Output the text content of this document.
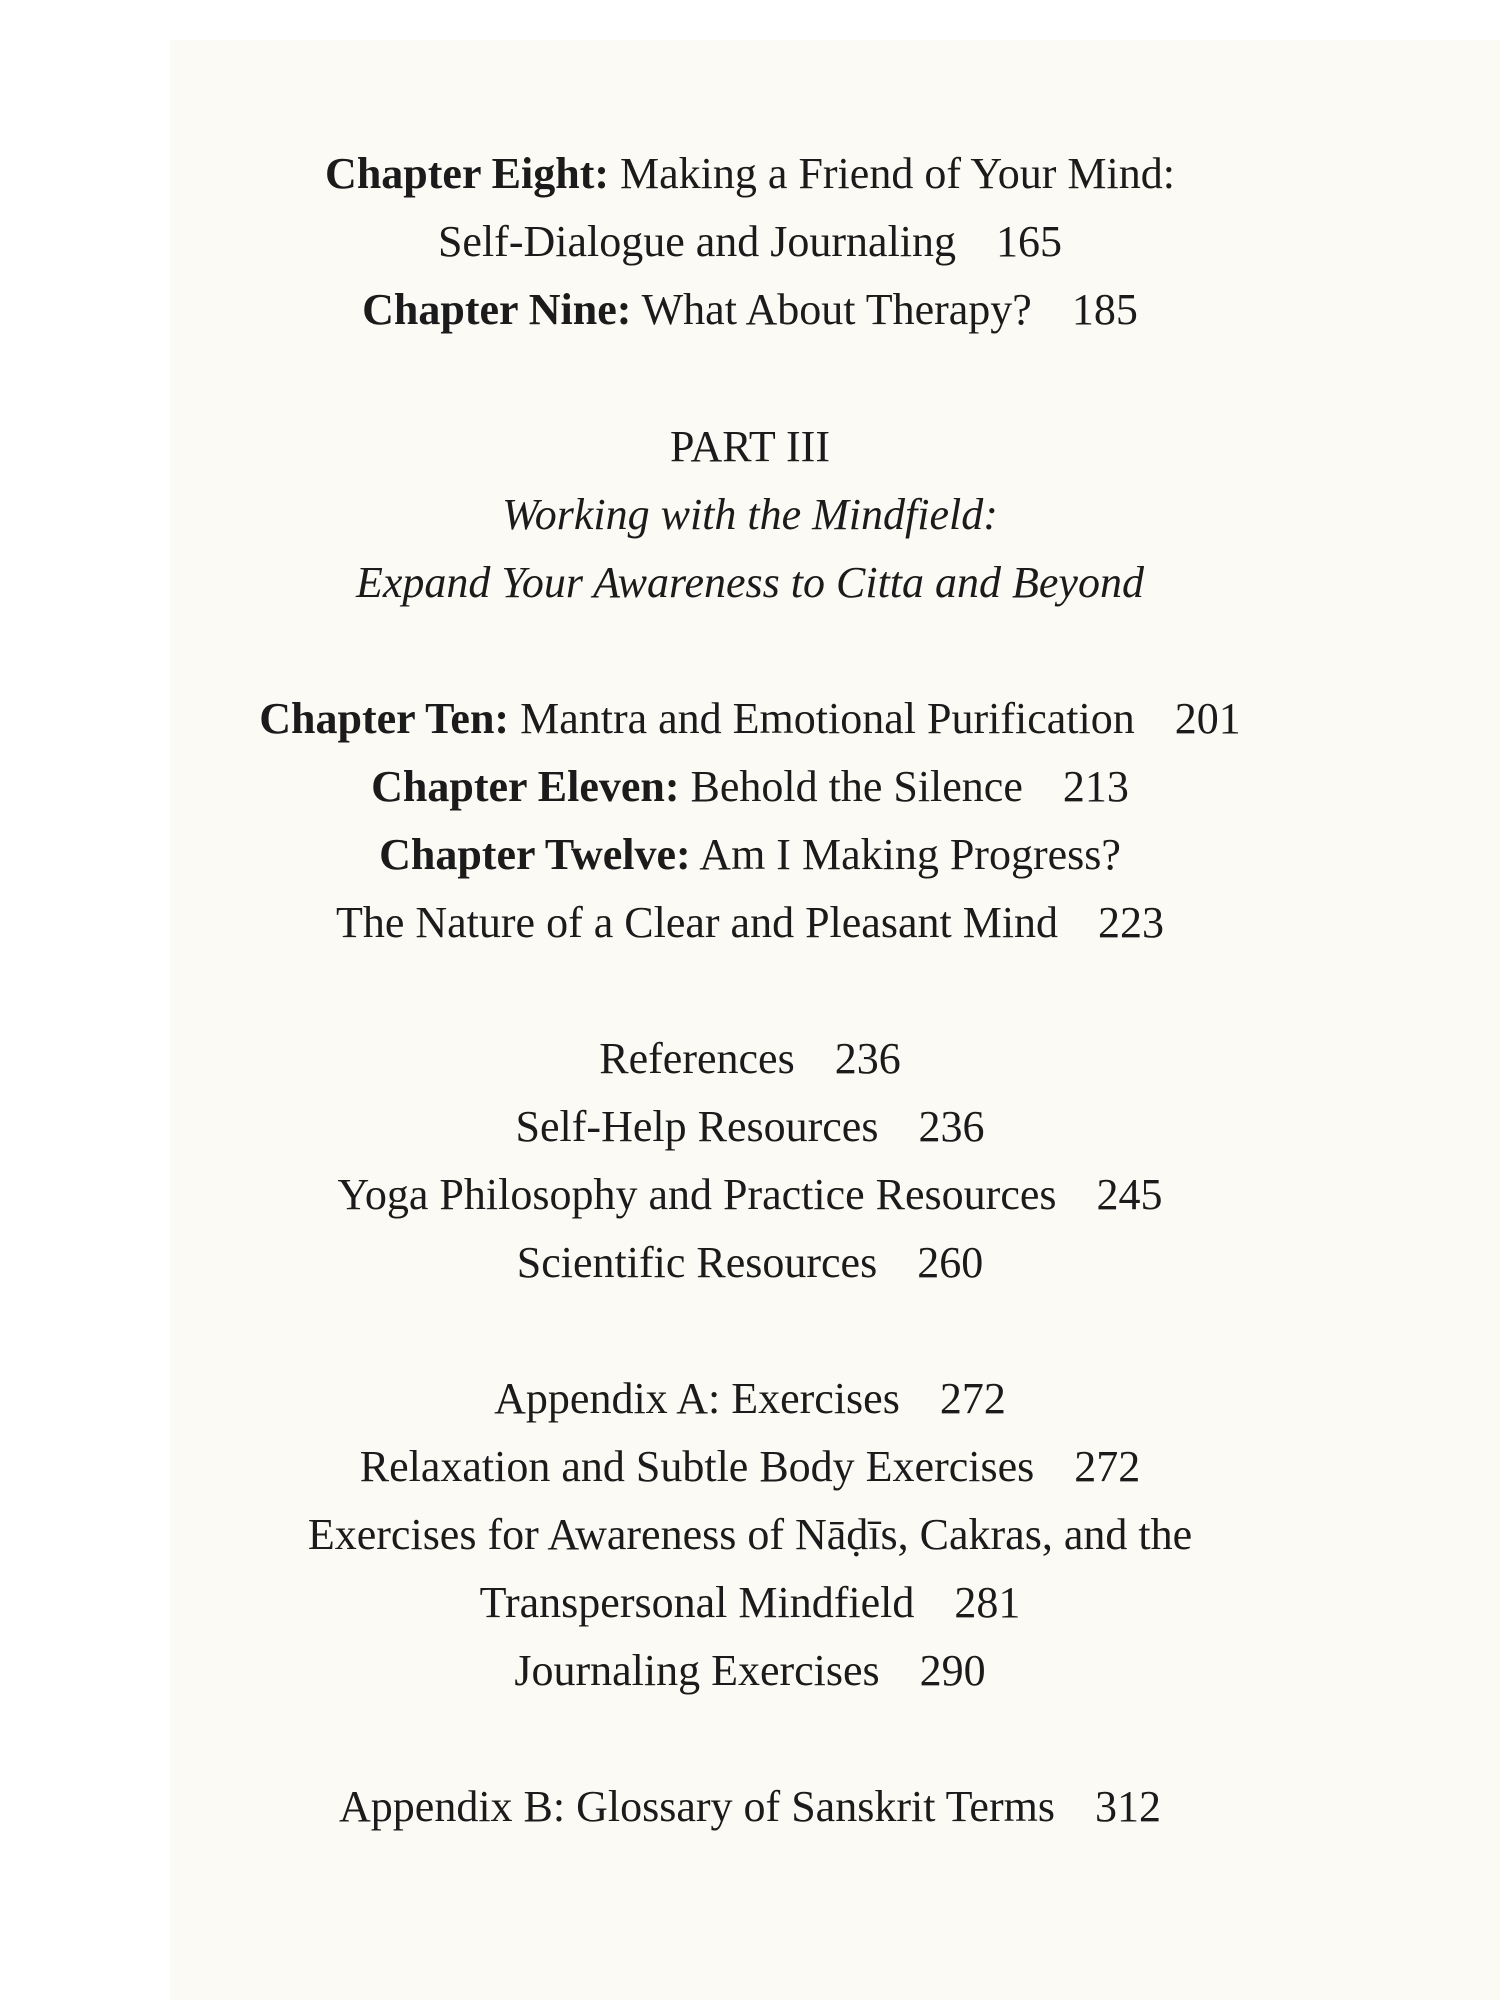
Chapter Eight: Making a Friend of Your Mind:
Self-Dialogue and Journaling 165
Chapter Nine: What About Therapy? 185
PART III
Working with the Mindfield:
Expand Your Awareness to Citta and Beyond
Chapter Ten: Mantra and Emotional Purification 201
Chapter Eleven: Behold the Silence 213
Chapter Twelve: Am I Making Progress?
The Nature of a Clear and Pleasant Mind 223
References 236
Self-Help Resources 236
Yoga Philosophy and Practice Resources 245
Scientific Resources 260
Appendix A: Exercises 272
Relaxation and Subtle Body Exercises 272
Exercises for Awareness of Nāḍīs, Cakras, and the
Transpersonal Mindfield 281
Journaling Exercises 290
Appendix B: Glossary of Sanskrit Terms 312
